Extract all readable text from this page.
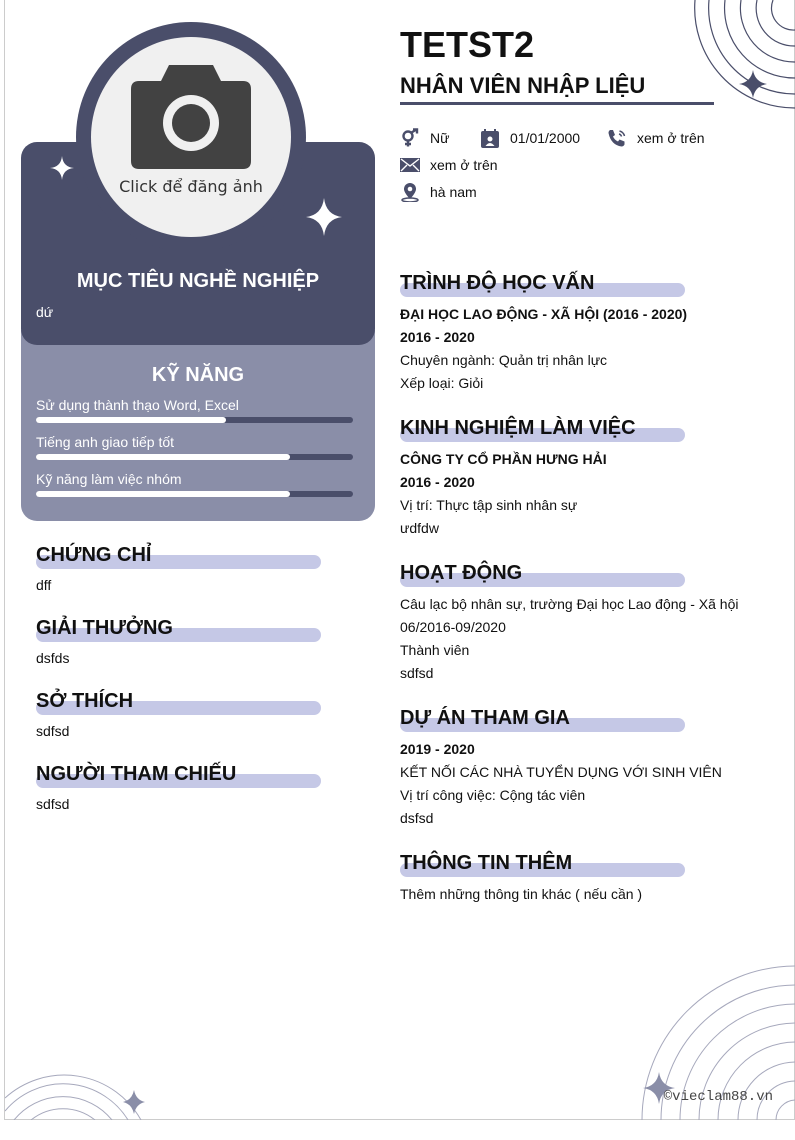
Click để đăng ảnh
MỤC TIÊU NGHỀ NGHIỆP
dứ
KỸ NĂNG
Sử dụng thành thạo Word, Excel
Tiếng anh giao tiếp tốt
Kỹ năng làm việc nhóm
CHỨNG CHỈ
dff
GIẢI THƯỞNG
dsfds
SỞ THÍCH
sdfsd
NGƯỜI THAM CHIẾU
sdfsd
TETST2
NHÂN VIÊN NHẬP LIỆU
Nữ	01/01/2000	xem ở trên
xem ở trên
hà nam
TRÌNH ĐỘ HỌC VẤN
ĐẠI HỌC LAO ĐỘNG - XÃ HỘI (2016 - 2020)
2016 - 2020
Chuyên ngành: Quản trị nhân lực
Xếp loại: Giỏi
KINH NGHIỆM LÀM VIỆC
CÔNG TY CỔ PHẦN HƯNG HẢI
2016 - 2020
Vị trí: Thực tập sinh nhân sự
ưdfdw
HOẠT ĐỘNG
Câu lạc bộ nhân sự, trường Đại học Lao động - Xã hội
06/2016-09/2020
Thành viên
sdfsd
DỰ ÁN THAM GIA
2019 - 2020
KẾT NỐI CÁC NHÀ TUYỂN DỤNG VỚI SINH VIÊN
Vị trí công việc: Cộng tác viên
dsfsd
THÔNG TIN THÊM
Thêm những thông tin khác ( nếu cần )
©vieclam88.vn
